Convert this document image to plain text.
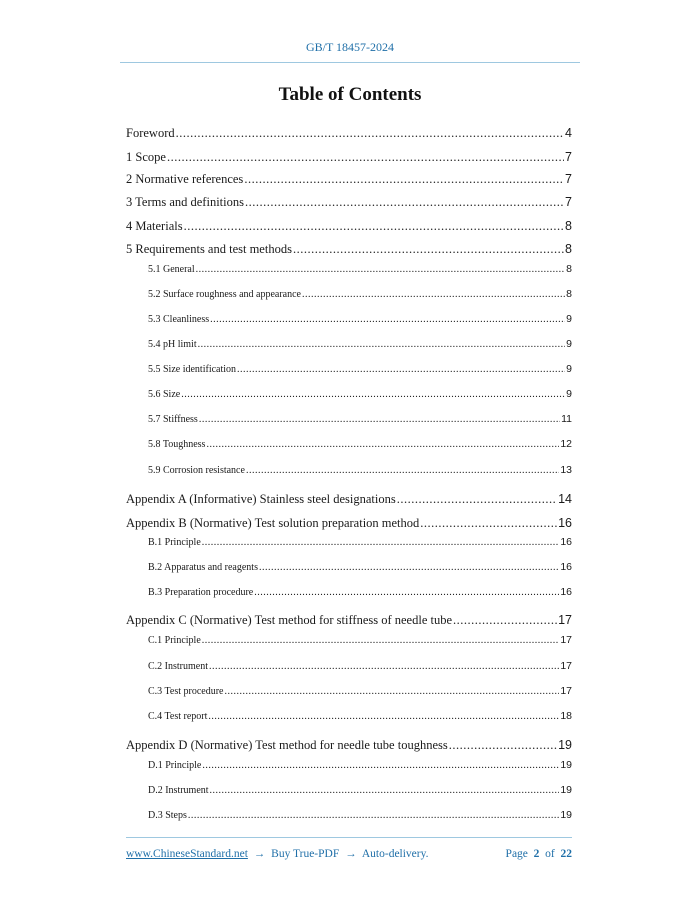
GB/T 18457-2024
Table of Contents
Foreword .....	4
1 Scope .....	7
2 Normative references .....	7
3 Terms and definitions .....	7
4 Materials .....	8
5 Requirements and test methods .....	8
5.1 General .....	8
5.2 Surface roughness and appearance .....	8
5.3 Cleanliness .....	9
5.4 pH limit .....	9
5.5 Size identification .....	9
5.6 Size .....	9
5.7 Stiffness .....	11
5.8 Toughness .....	12
5.9 Corrosion resistance .....	13
Appendix A (Informative) Stainless steel designations .....	14
Appendix B (Normative) Test solution preparation method .....	16
B.1 Principle .....	16
B.2 Apparatus and reagents .....	16
B.3 Preparation procedure .....	16
Appendix C (Normative) Test method for stiffness of needle tube .....	17
C.1 Principle .....	17
C.2 Instrument .....	17
C.3 Test procedure .....	17
C.4 Test report .....	18
Appendix D (Normative) Test method for needle tube toughness .....	19
D.1 Principle .....	19
D.2 Instrument .....	19
D.3 Steps .....	19
www.ChineseStandard.net → Buy True-PDF → Auto-delivery.	Page 2 of 22
